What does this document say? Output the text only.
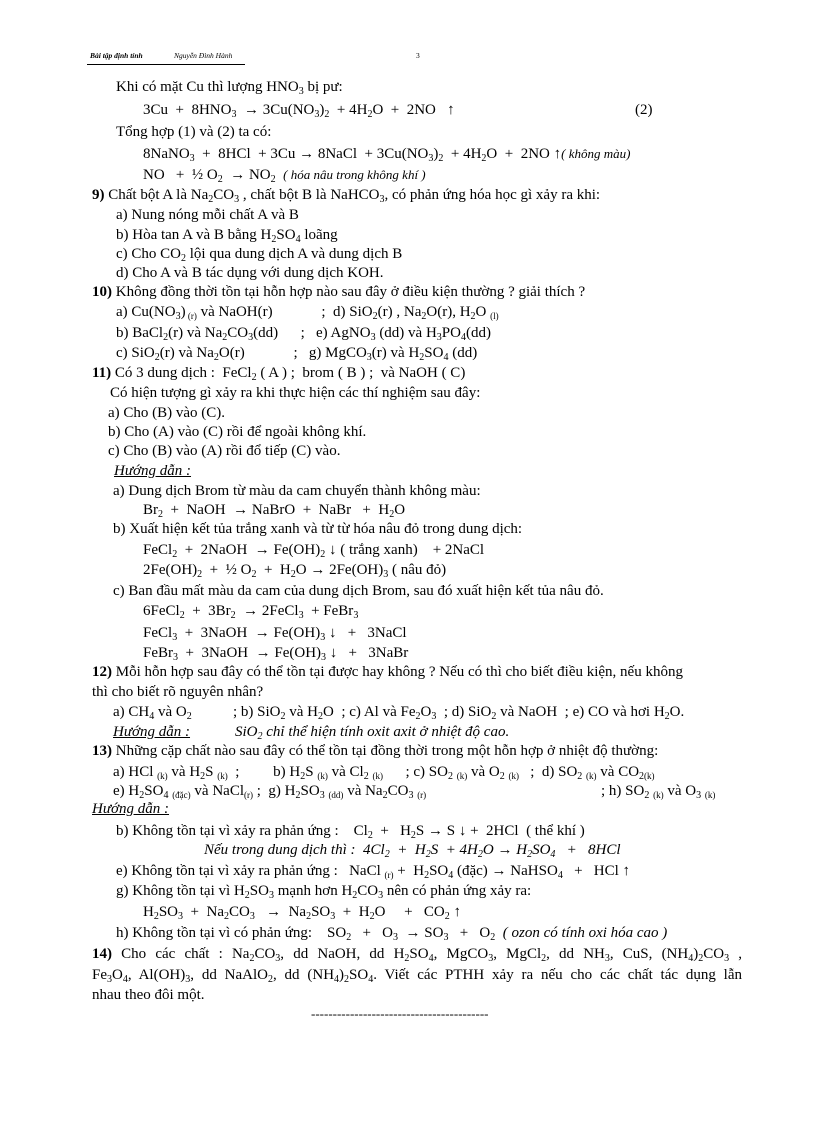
Bài tập định tính	Nguyễn Đình Hành	3
Khi có mặt Cu thì lượng $HNO_3$ bị pư:
$3Cu + 8HNO_3 \to 3Cu(NO_3)_2 + 4H_2O + 2NO$   ↑	(2)
Tổng hợp (1) và (2) ta có:
8NaNO$_3$  +  8HCl  + 3Cu → 8NaCl  + $3Cu(NO_3)_2 + 4H_2O + 2NO$ ↑( không màu)
NO   +  ½ $O_2 \to NO_2$ ( hóa nâu trong không khí )
9) Chất bột A là $Na_2CO_3$ , chất bột B là NaHCO$_3$, có phản ứng hóa học gì xảy ra khi:
a) Nung nóng mỗi chất A và B
b) Hòa tan A và B bằng $H_2SO_4$ loãng
c) Cho $CO_2$ lội qua dung dịch A và dung dịch B
d) Cho A và B tác dụng với dung dịch KOH.
10) Không đồng thời tồn tại hỗn hợp nào sau đây ở điều kiện thường ? giải thích ?
a) $Cu(NO_3)$ $_{(r)}$ và NaOH(r)             ;  d) SiO$_2$(r) , $Na_2O(r)$, $H_2O$ $_{(l)}$
b) BaCl$_2$(r) và $Na_2CO_3(dd)$      ;   e) AgNO$_3$ (dd) và $H_3PO_4(dd)$
c) SiO$_2$(r) và $Na_2O(r)$             ;   g) MgCO$_3$(r) và $H_2SO_4$ (dd)
11) Có 3 dung dịch :  FeCl$_2$ ( A ) ;  brom ( B ) ;  và NaOH ( C)
Có hiện tượng gì xảy ra khi thực hiện các thí nghiệm sau đây:
a) Cho (B) vào (C).
b) Cho (A) vào (C) rồi để ngoài không khí.
c) Cho (B) vào (A) rồi đổ tiếp (C) vào.
Hướng dẫn :
a) Dung dịch Brom từ màu da cam chuyển thành không màu:
$Br_2$  +  NaOH  → NaBrO  +  NaBr   +  $H_2O$
b) Xuất hiện kết tủa trắng xanh và từ từ hóa nâu đỏ trong dung dịch:
FeCl$_2$  +  2NaOH  → $Fe(OH)_2$ ↓ ( trắng xanh)    + 2NaCl
$2Fe(OH)_2$  +  ½ $O_2 + H_2O \to 2Fe(OH)_3$ ( nâu đỏ)
c) Ban đầu mất màu da cam của dung dịch Brom, sau đó xuất hiện kết tủa nâu đỏ.
6FeCl$_2$  +  $3Br_2$  → 2FeCl$_3$  + FeBr$_3$
FeCl$_3$  +  3NaOH  → $Fe(OH)_3$ ↓   +   3NaCl
FeBr$_3$  +  3NaOH  → $Fe(OH)_3$ ↓   +   3NaBr
12) Mỗi hỗn hợp sau đây có thể tồn tại được hay không ? Nếu có thì cho biết điều kiện, nếu không
thì cho biết rõ nguyên nhân?
a) $CH_4$ và $O_2$           ; b) SiO$_2$ và $H_2O$  ; c) Al và $Fe_2O_3$  ; d) SiO$_2$ và NaOH  ; e) CO và hơi $H_2O$.
Hướng dẫn :	SiO$_2$ chỉ thể hiện tính oxit axit ở nhiệt độ cao.
13) Những cặp chất nào sau đây có thể tồn tại đồng thời trong một hỗn hợp ở nhiệt độ thường:
a) HCl $_{(k)}$ và $H_2S$ $_{(k)}$  ;         b) $H_2S$ $_{(k)}$ và $Cl_2$ $_{(k)}$      ; c) $SO_2$ $_{(k)}$ và $O_2$ $_{(k)}$   ;  d) $SO_2$ $_{(k)}$ và $CO_{2(k)}$
e) $H_2SO_4$ $_{(đặc)}$ và NaCl$_{(r)}$ ;  g) $H_2SO_3$ $_{(dd)}$ và $Na_2CO_3$ $_{(r)}$	; h) $SO_2$ $_{(k)}$ và $O_3$ $_{(k)}$
Hướng dẫn :
b) Không tồn tại vì xảy ra phản ứng :    $Cl_2 + H_2S \to S$ ↓ +  2HCl  ( thể khí )
Nếu trong dung dịch thì :  $4Cl_2 + H_2S + 4H_2O \to H_2SO_4 + 8HCl$
e) Không tồn tại vì xảy ra phản ứng :   NaCl $_{(r)} + H_2SO_4$ (đặc) → NaHSO$_4$   +   HCl ↑
g) Không tồn tại vì $H_2SO_3$ mạnh hơn $H_2CO_3$ nên có phản ứng xảy ra:
$H_2SO_3 + Na_2CO_3 \to Na_2SO_3 + H_2O$     +   $CO_2$ ↑
h) Không tồn tại vì có phản ứng:    $SO_2 + O_3 \to SO_3 + O_2$ ( ozon có tính oxi hóa cao )
14) Cho các chất : $Na_2CO_3$, dd NaOH, dd $H_2SO_4$, MgCO$_3$, MgCl$_2$, dd $NH_3$, CuS, $(NH_4)_2CO_3$ ,
$Fe_3O_4$, $Al(OH)_3$, dd NaAlO$_2$, dd $(NH_4)_2SO_4$. Viết các PTHH xảy ra nếu cho các chất tác dụng lẫn
nhau theo đôi một.
-----------------------------------------
